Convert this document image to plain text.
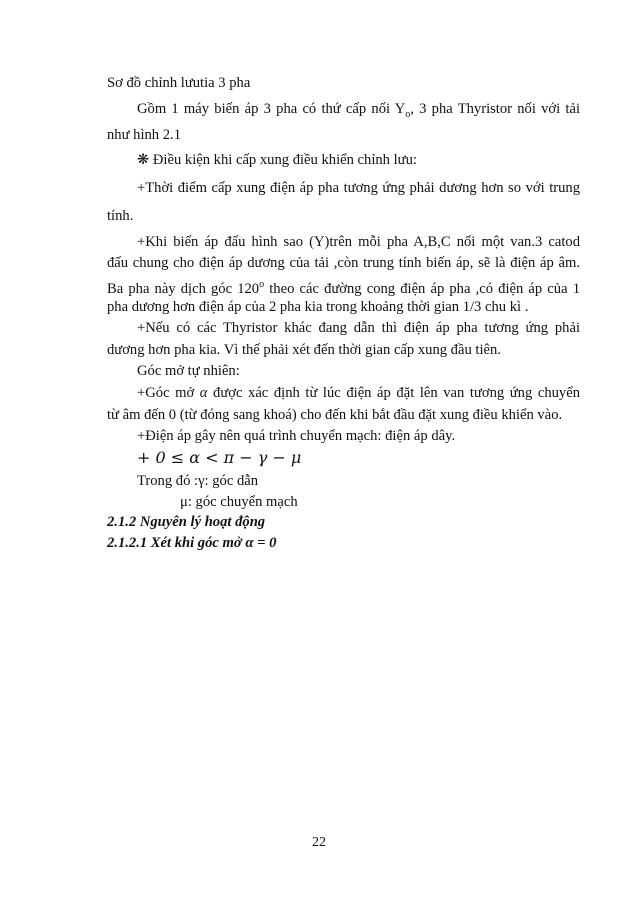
Sơ đồ chỉnh lưutia 3 pha
Gồm 1 máy biến áp 3 pha có thứ cấp nối $Y_o$, 3 pha Thyristor nối với tải
như hình 2.1
❋ Điều kiện khi cấp xung điều khiển chỉnh lưu:
+Thời điểm cấp xung điện áp pha tương ứng phải dương hơn so với trung
tính.
+Khi biến áp đấu hình sao (Y)trên mỗi pha A,B,C nối một van.3 catod
đấu chung cho điện áp dương của tải ,còn trung tính biến áp, sẽ là điện áp âm.
Ba pha này dịch góc 120$^o$ theo các đường cong điện áp pha ,có điện áp của 1
pha dương hơn điện áp của 2 pha kia trong khoảng thời gian 1/3 chu kì .
+Nếu có các Thyristor khác đang dẫn thì điện áp pha tương ứng phải
dương hơn pha kia. Vì thế phải xét đến thời gian cấp xung đầu tiên.
Góc mở tự nhiên:
+Góc mở α được xác định từ lúc điện áp đặt lên van tương ứng chuyển
từ âm đến 0 (từ đóng sang khoá) cho đến khi bắt đầu đặt xung điều khiển vào.
+Điện áp gây nên quá trình chuyển mạch: điện áp dây.
+ 0 ≤ α < π − γ − μ
Trong đó :γ: góc dẫn
μ: góc chuyển mạch
2.1.2 Nguyên lý hoạt động
2.1.2.1 Xét khi góc mở α = 0
22
